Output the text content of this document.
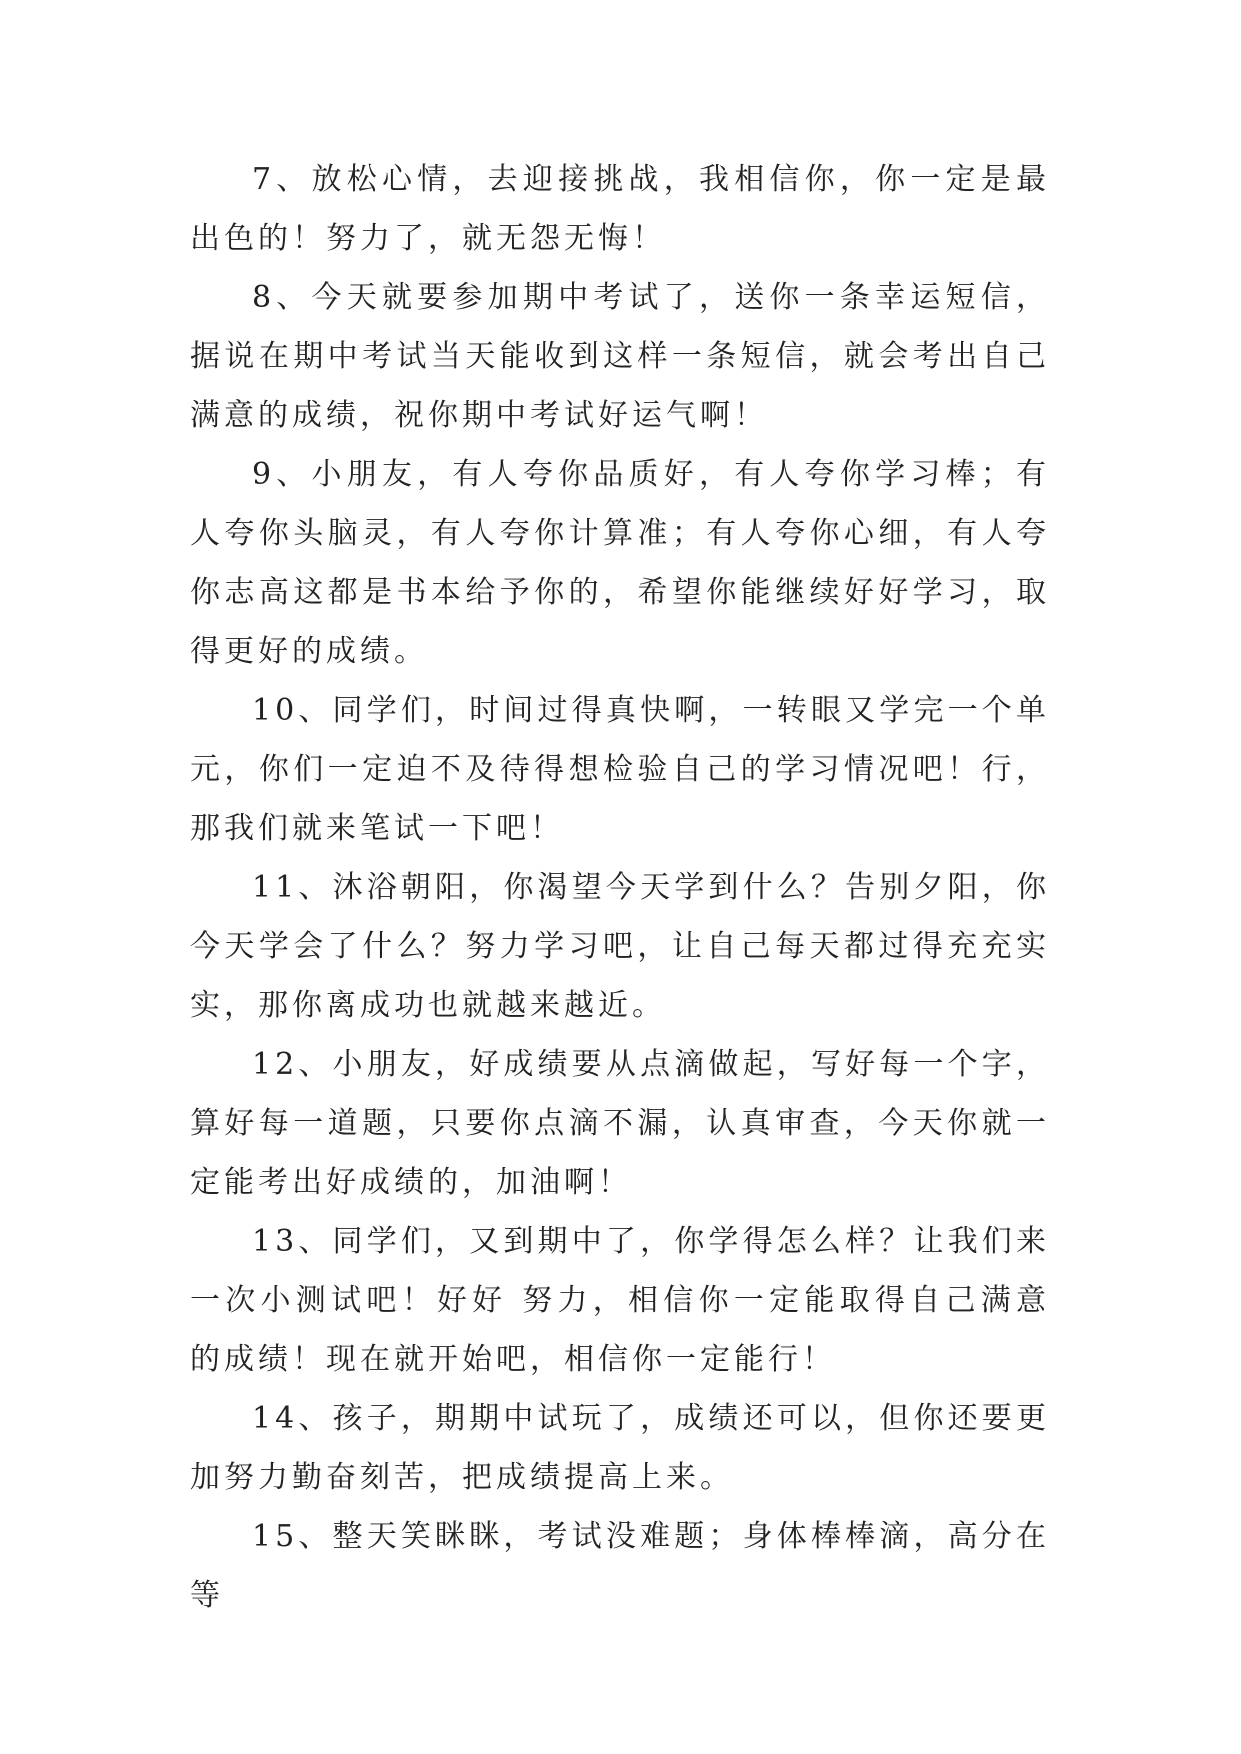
7、放松心情，去迎接挑战，我相信你，你一定是最出色的！努力了，就无怨无悔！

8、今天就要参加期中考试了，送你一条幸运短信，据说在期中考试当天能收到这样一条短信，就会考出自己满意的成绩，祝你期中考试好运气啊！

9、小朋友，有人夸你品质好，有人夸你学习棒；有人夸你头脑灵，有人夸你计算准；有人夸你心细，有人夸你志高这都是书本给予你的，希望你能继续好好学习，取得更好的成绩。

10、同学们，时间过得真快啊，一转眼又学完一个单元，你们一定迫不及待得想检验自己的学习情况吧！行，那我们就来笔试一下吧！

11、沐浴朝阳，你渴望今天学到什么？告别夕阳，你今天学会了什么？努力学习吧，让自己每天都过得充充实实，那你离成功也就越来越近。

12、小朋友，好成绩要从点滴做起，写好每一个字，算好每一道题，只要你点滴不漏，认真审查，今天你就一定能考出好成绩的，加油啊！

13、同学们，又到期中了，你学得怎么样？让我们来一次小测试吧！好好 努力，相信你一定能取得自己满意的成绩！现在就开始吧，相信你一定能行！

14、孩子，期期中试玩了，成绩还可以，但你还要更加努力勤奋刻苦，把成绩提高上来。

15、整天笑眯眯，考试没难题；身体棒棒滴，高分在等
